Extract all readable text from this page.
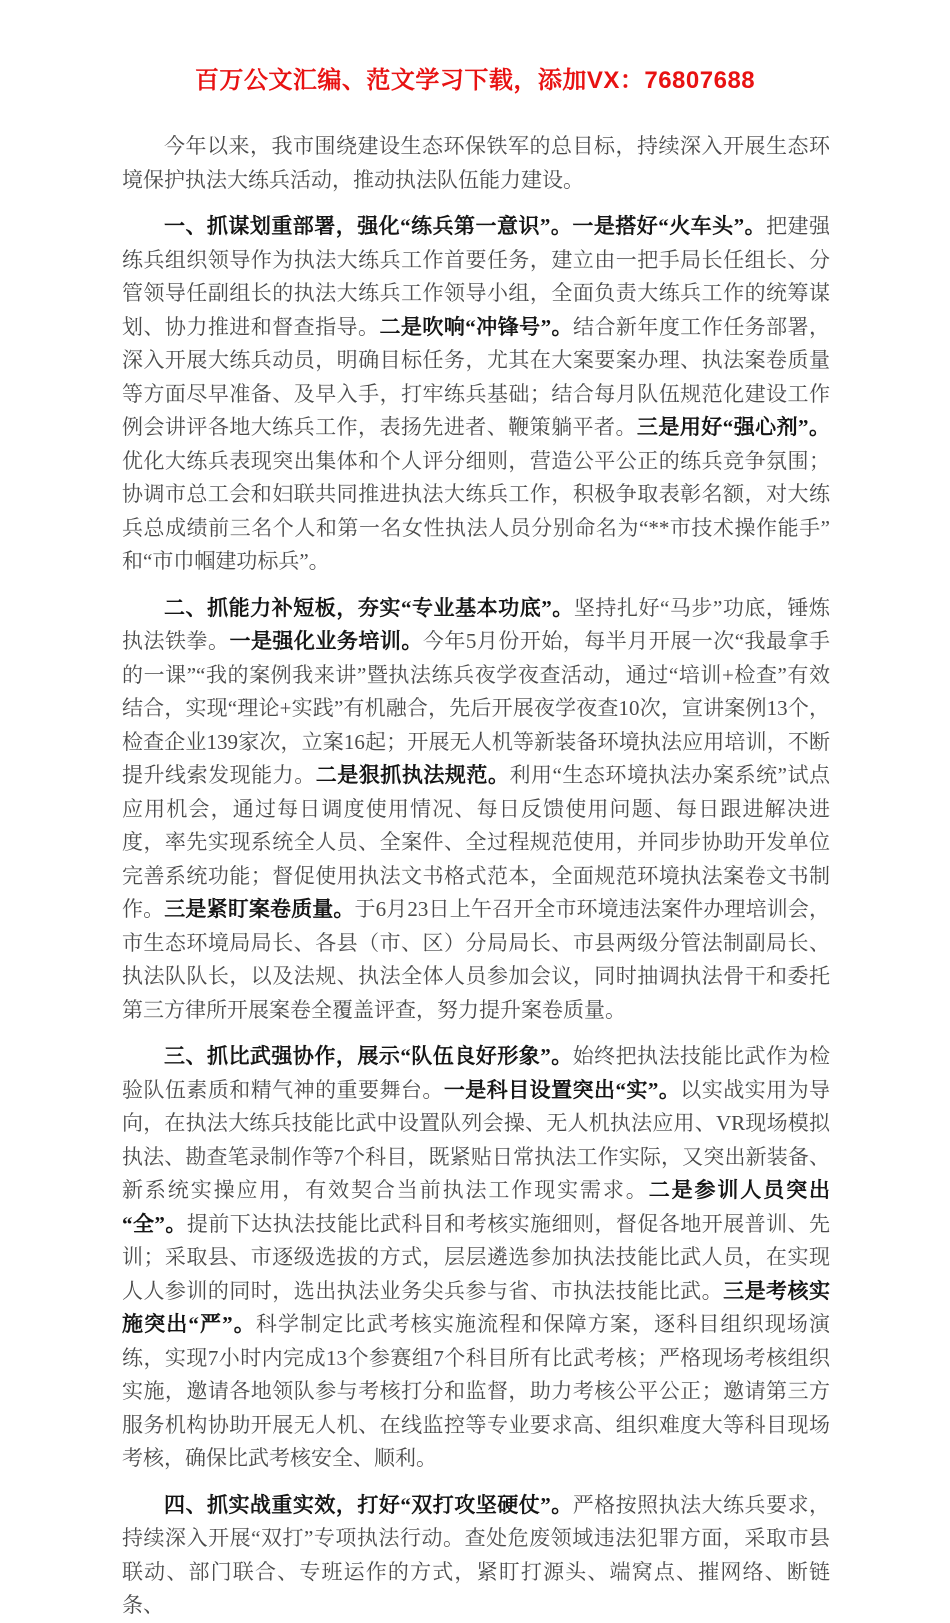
百万公文汇编、范文学习下载，添加VX：76807688

今年以来，我市围绕建设生态环保铁军的总目标，持续深入开展生态环境保护执法大练兵活动，推动执法队伍能力建设。

一、抓谋划重部署，强化“练兵第一意识”。一是搭好“火车头”。把建强练兵组织领导作为执法大练兵工作首要任务，建立由一把手局长任组长、分管领导任副组长的执法大练兵工作领导小组，全面负责大练兵工作的统筹谋划、协力推进和督查指导。二是吹响“冲锋号”。结合新年度工作任务部署，深入开展大练兵动员，明确目标任务，尤其在大案要案办理、执法案卷质量等方面尽早准备、及早入手，打牢练兵基础；结合每月队伍规范化建设工作例会讲评各地大练兵工作，表扬先进者、鞭策躺平者。三是用好“强心剂”。优化大练兵表现突出集体和个人评分细则，营造公平公正的练兵竞争氛围；协调市总工会和妇联共同推进执法大练兵工作，积极争取表彰名额，对大练兵总成绩前三名个人和第一名女性执法人员分别命名为“**市技术操作能手”和“市巾帼建功标兵”。

二、抓能力补短板，夯实“专业基本功底”。坚持扎好“马步”功底，锤炼执法铁拳。一是强化业务培训。今年5月份开始，每半月开展一次“我最拿手的一课”“我的案例我来讲”暨执法练兵夜学夜查活动，通过“培训+检查”有效结合，实现“理论+实践”有机融合，先后开展夜学夜查10次，宣讲案例13个，检查企业139家次，立案16起；开展无人机等新装备环境执法应用培训，不断提升线索发现能力。二是狠抓执法规范。利用“生态环境执法办案系统”试点应用机会，通过每日调度使用情况、每日反馈使用问题、每日跟进解决进度，率先实现系统全人员、全案件、全过程规范使用，并同步协助开发单位完善系统功能；督促使用执法文书格式范本，全面规范环境执法案卷文书制作。三是紧盯案卷质量。于6月23日上午召开全市环境违法案件办理培训会，市生态环境局局长、各县（市、区）分局局长、市县两级分管法制副局长、执法队队长，以及法规、执法全体人员参加会议，同时抽调执法骨干和委托第三方律所开展案卷全覆盖评查，努力提升案卷质量。

三、抓比武强协作，展示“队伍良好形象”。始终把执法技能比武作为检验队伍素质和精气神的重要舞台。一是科目设置突出“实”。以实战实用为导向，在执法大练兵技能比武中设置队列会操、无人机执法应用、VR现场模拟执法、勘查笔录制作等7个科目，既紧贴日常执法工作实际，又突出新装备、新系统实操应用，有效契合当前执法工作现实需求。二是参训人员突出“全”。提前下达执法技能比武科目和考核实施细则，督促各地开展普训、先训；采取县、市逐级选拔的方式，层层遴选参加执法技能比武人员，在实现人人参训的同时，选出执法业务尖兵参与省、市执法技能比武。三是考核实施突出“严”。科学制定比武考核实施流程和保障方案，逐科目组织现场演练，实现7小时内完成13个参赛组7个科目所有比武考核；严格现场考核组织实施，邀请各地领队参与考核打分和监督，助力考核公平公正；邀请第三方服务机构协助开展无人机、在线监控等专业要求高、组织难度大等科目现场考核，确保比武考核安全、顺利。

四、抓实战重实效，打好“双打攻坚硬仗”。严格按照执法大练兵要求，持续深入开展“双打”专项执法行动。查处危废领域违法犯罪方面，采取市县联动、部门联合、专班运作的方式，紧盯打源头、端窝点、摧网络、断链条、
